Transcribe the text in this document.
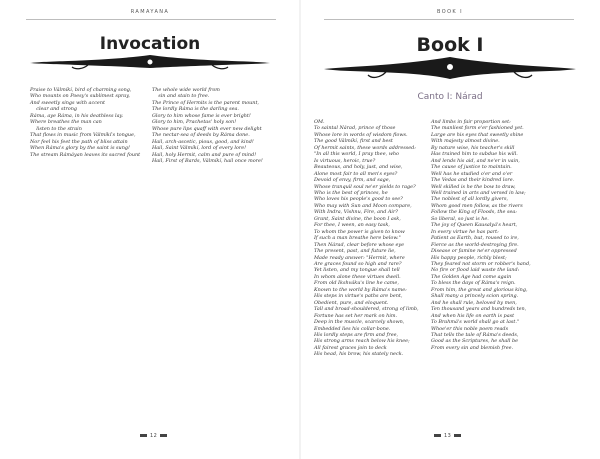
RAMAYANA
Invocation
Praise to Válmíkí, bird of charming song,
Who mounts on Poesy's sublimest spray,
And sweetly sings with accent
clear and strong
Ráma, aye Ráma, in his deathless lay.
Where breathes the man can
listen to the strain
That flows in music from Válmíkí's tongue,
Nor feel his feet the path of bliss attain
When Ráma's glory by the saint is sung!
The stream Rámáyan leaves its sacred fount
The whole wide world from
sin and stain to free.
The Prince of Hermits is the parent mount,
The lordly Ráma is the darling sea.
Glory to him whose fame is ever bright!
Glory to him, Prachetas' holy son!
Whose pure lips quaff with ever new delight
The nectar-sea of deeds by Ráma done.
Hail, arch-ascetic, pious, good, and kind!
Hail, Saint Válmíkí, lord of every lore!
Hail, holy Hermit, calm and pure of mind!
Hail, First of Bards, Válmíkí, hail once more!
12
BOOK I
Book I
Canto I: Nárad
OM.
To saintal Nárad, prince of those
Whose lore in words of wisdom flows.
The good Válmíkí, first and best
Of hermit saints, these words addressed:
"In all this world, I pray thee, who
Is virtuous, heroic, true?
Beauteous, and holy, just, and wise,
Alone most fair to all men's eyes?
Devoid of envy, firm, and sage,
Whose tranquil soul ne'er yields to rage?
Who is the best of princes, he
Who loves his people's good to see?
Who may with Sun and Moon compare,
With Indra, Vishnu, Fire, and Air?
Grant, Saint divine, the boon I ask,
For thee, I ween, an easy task,
To whom the power is given to know
If such a man breathe here below."
Then Nárad, clear before whose eye
The present, past, and future lie,
Made ready answer: "Hermit, where
Are graces found so high and rare?
Yet listen, and my tongue shall tell
In whom alone these virtues dwell.
From old Ikshváku's line he came,
Known to the world by Ráma's name:
His steps in virtue's paths are bent,
Obedient, pure, and eloquent.
Tall and broad-shouldered, strong of limb,
Fortune has set her mark on him.
Deep in the muscle, scarcely shown,
Embedded lies his collar-bone.
His lordly steps are firm and free,
His strong arms reach below his knee;
All fairest graces join to deck
His head, his brow, his stately neck.
And limbs in fair proportion set:
The manliest form e'er fashioned yet.
Large are his eyes that sweetly shine
With majesty almost divine.
By nature wise, his teacher's skill
Has trained him to subdue his will.
And lends his aid, and ne'er in vain,
The cause of justice to maintain.
Well has he studied o'er and o'er
The Vedas and their kindred lore.
Well skilled is he the bow to draw,
Well trained in arts and versed in law;
The noblest of all lordly givers,
Whom good men follow, as the rivers
Follow the King of Floods, the sea:
So liberal, so just is he.
The joy of Queen Kausalyá's heart,
In every virtue he has part:
Patient as Earth, but, roused to ire,
Fierce as the world-destroying fire.
Disease or famine ne'er oppressed
His happy people, richly blest;
They feared not storm or robber's hand,
No fire or flood laid waste the land:
The Golden Age had come again
To bless the days of Ráma's reign.
From him, the great and glorious king,
Shall many a princely scion spring.
And he shall rule, beloved by men,
Ten thousand years and hundreds ten,
And when his life on earth is past
To Brahmá's world shall go at last."
Whoe'er this noble poem reads
That tells the tale of Ráma's deeds,
Good as the Scriptures, he shall be
From every sin and blemish free.
13
